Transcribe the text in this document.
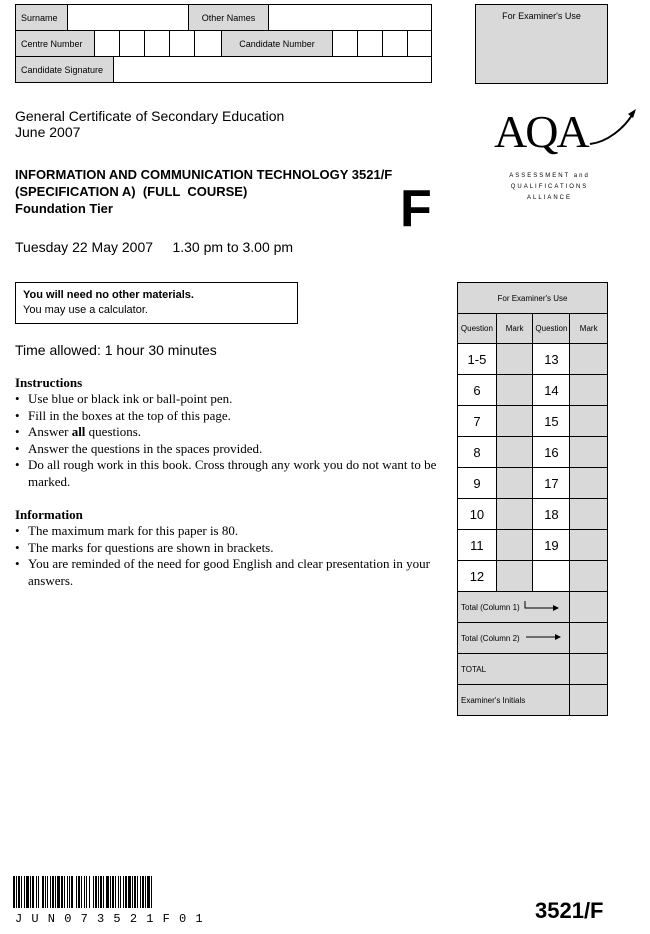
Surname	Other Names
Centre Number	Candidate Number
Candidate Signature
For Examiner's Use
General Certificate of Secondary Education
June 2007
INFORMATION AND COMMUNICATION TECHNOLOGY 3521/F
(SPECIFICATION A)  (FULL  COURSE)
Foundation Tier	F
Tuesday 22 May 2007     1.30 pm to 3.00 pm
AQA
ASSESSMENT and
QUALIFICATIONS
ALLIANCE
You will need no other materials.
You may use a calculator.
Time allowed: 1 hour 30 minutes
Instructions
• Use blue or black ink or ball-point pen.
• Fill in the boxes at the top of this page.
• Answer all questions.
• Answer the questions in the spaces provided.
• Do all rough work in this book. Cross through any work you do not want to be marked.
Information
• The maximum mark for this paper is 80.
• The marks for questions are shown in brackets.
• You are reminded of the need for good English and clear presentation in your answers.
For Examiner's Use			
Question	Mark	Question	Mark
1-5		13	
6		14	
7		15	
8		16	
9		17	
10		18	
11		19	
12			
Total (Column 1)		

Total (Column 2)		

TOTAL			
Examiner's Initials			
J U N 0 7 3 5 2 1 F 0 1	3521/F
